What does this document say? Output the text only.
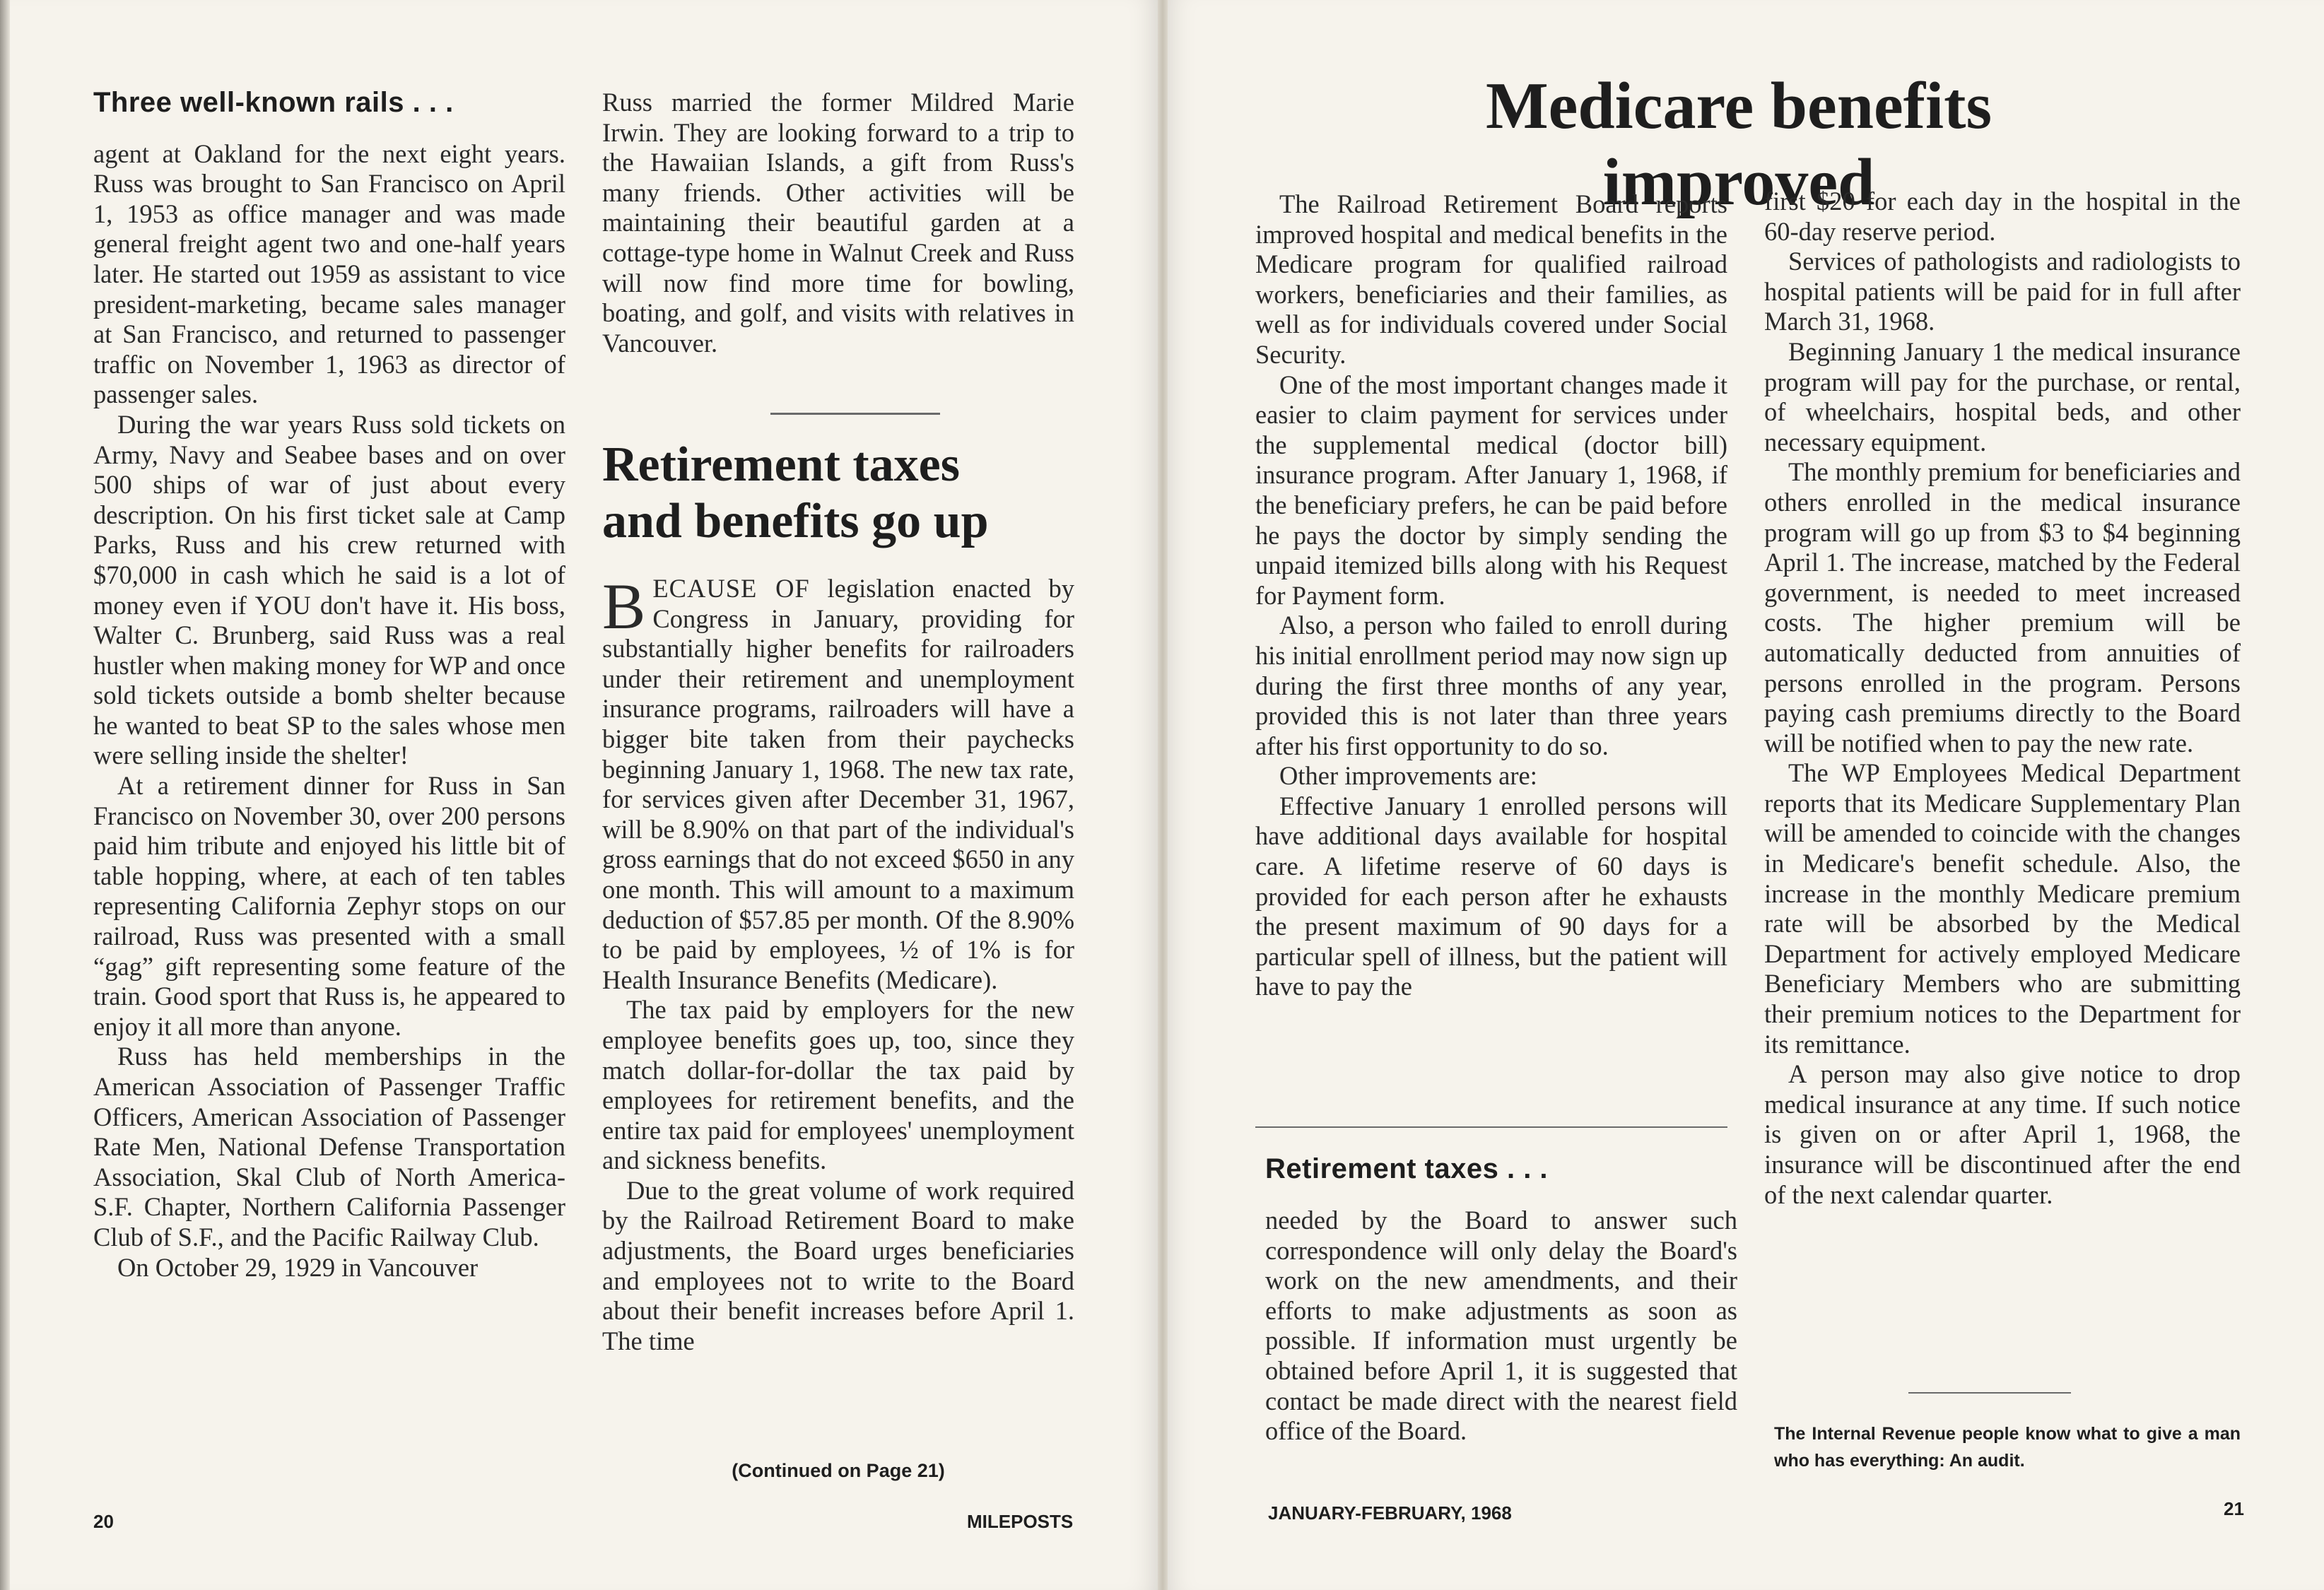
Three well-known rails . . .

agent at Oakland for the next eight years. Russ was brought to San Francisco on April 1, 1953 as office manager and was made general freight agent two and one-half years later. He started out 1959 as assistant to vice president-marketing, became sales manager at San Francisco, and returned to passenger traffic on November 1, 1963 as director of passenger sales.

During the war years Russ sold tickets on Army, Navy and Seabee bases and on over 500 ships of war of just about every description. On his first ticket sale at Camp Parks, Russ and his crew returned with $70,000 in cash which he said is a lot of money even if YOU don't have it. His boss, Walter C. Brunberg, said Russ was a real hustler when making money for WP and once sold tickets outside a bomb shelter because he wanted to beat SP to the sales whose men were selling inside the shelter!

At a retirement dinner for Russ in San Francisco on November 30, over 200 persons paid him tribute and enjoyed his little bit of table hopping, where, at each of ten tables representing California Zephyr stops on our railroad, Russ was presented with a small “gag” gift representing some feature of the train. Good sport that Russ is, he appeared to enjoy it all more than anyone.

Russ has held memberships in the American Association of Passenger Traffic Officers, American Association of Passenger Rate Men, National Defense Transportation Association, Skal Club of North America-S.F. Chapter, Northern California Passenger Club of S.F., and the Pacific Railway Club.

On October 29, 1929 in Vancouver

Russ married the former Mildred Marie Irwin. They are looking forward to a trip to the Hawaiian Islands, a gift from Russ's many friends. Other activities will be maintaining their beautiful garden at a cottage-type home in Walnut Creek and Russ will now find more time for bowling, boating, and golf, and visits with relatives in Vancouver.

Retirement taxes
and benefits go up

BECAUSE OF legislation enacted by Congress in January, providing for substantially higher benefits for railroaders under their retirement and unemployment insurance programs, railroaders will have a bigger bite taken from their paychecks beginning January 1, 1968. The new tax rate, for services given after December 31, 1967, will be 8.90% on that part of the individual's gross earnings that do not exceed $650 in any one month. This will amount to a maximum deduction of $57.85 per month. Of the 8.90% to be paid by employees, ½ of 1% is for Health Insurance Benefits (Medicare).

The tax paid by employers for the new employee benefits goes up, too, since they match dollar-for-dollar the tax paid by employees for retirement benefits, and the entire tax paid for employees' unemployment and sickness benefits.

Due to the great volume of work required by the Railroad Retirement Board to make adjustments, the Board urges beneficiaries and employees not to write to the Board about their benefit increases before April 1. The time

(Continued on Page 21)
20	MILEPOSTS
Medicare benefits improved

The Railroad Retirement Board reports improved hospital and medical benefits in the Medicare program for qualified railroad workers, beneficiaries and their families, as well as for individuals covered under Social Security.

One of the most important changes made it easier to claim payment for services under the supplemental medical (doctor bill) insurance program. After January 1, 1968, if the beneficiary prefers, he can be paid before he pays the doctor by simply sending the unpaid itemized bills along with his Request for Payment form.

Also, a person who failed to enroll during his initial enrollment period may now sign up during the first three months of any year, provided this is not later than three years after his first opportunity to do so.

Other improvements are:

Effective January 1 enrolled persons will have additional days available for hospital care. A lifetime reserve of 60 days is provided for each person after he exhausts the present maximum of 90 days for a particular spell of illness, but the patient will have to pay the

Retirement taxes . . .

needed by the Board to answer such correspondence will only delay the Board's work on the new amendments, and their efforts to make adjustments as soon as possible. If information must urgently be obtained before April 1, it is suggested that contact be made direct with the nearest field office of the Board.

first $20 for each day in the hospital in the 60-day reserve period.

Services of pathologists and radiologists to hospital patients will be paid for in full after March 31, 1968.

Beginning January 1 the medical insurance program will pay for the purchase, or rental, of wheelchairs, hospital beds, and other necessary equipment.

The monthly premium for beneficiaries and others enrolled in the medical insurance program will go up from $3 to $4 beginning April 1. The increase, matched by the Federal government, is needed to meet increased costs. The higher premium will be automatically deducted from annuities of persons enrolled in the program. Persons paying cash premiums directly to the Board will be notified when to pay the new rate.

The WP Employees Medical Department reports that its Medicare Supplementary Plan will be amended to coincide with the changes in Medicare's benefit schedule. Also, the increase in the monthly Medicare premium rate will be absorbed by the Medical Department for actively employed Medicare Beneficiary Members who are submitting their premium notices to the Department for its remittance.

A person may also give notice to drop medical insurance at any time. If such notice is given on or after April 1, 1968, the insurance will be discontinued after the end of the next calendar quarter.

The Internal Revenue people know what to give a man who has everything: An audit.
JANUARY-FEBRUARY, 1968	21
